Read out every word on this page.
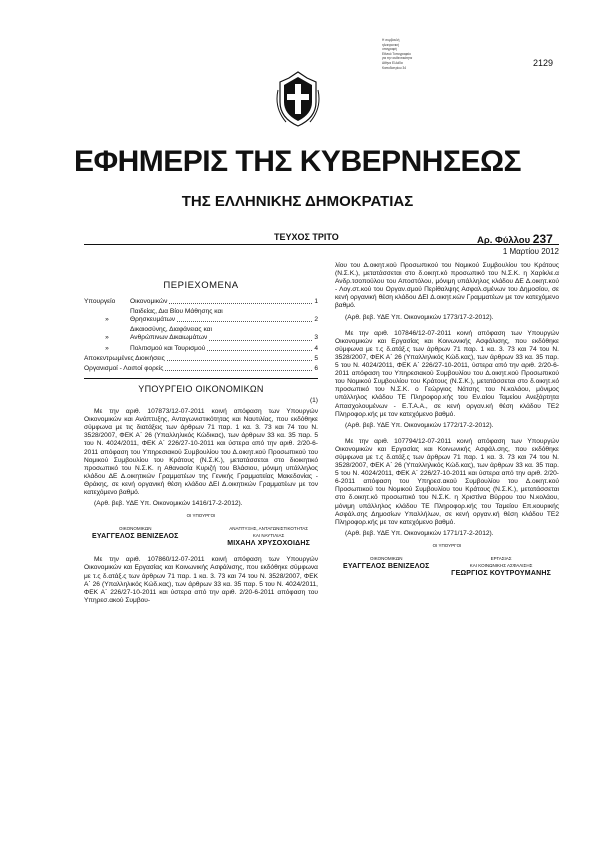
Η συμβουλή
ηλεκτρονική
υπογραφή
Εθνικό Τυπογραφείο
για την αυθεντικότητα
Αθήνα Ελλάδα
Καποδιστρίου 34	2129
ΕΦΗΜΕΡΙΣ ΤΗΣ ΚΥΒΕΡΝΗΣΕΩΣ
ΤΗΣ ΕΛΛΗΝΙΚΗΣ ΔΗΜΟΚΡΑΤΙΑΣ
ΤΕΥΧΟΣ ΤΡΙΤΟ	Αρ. Φύλλου 237
1 Μαρτίου 2012
ΠΕΡΙΕΧΟΜΕΝΑ
Υπουργείο	Οικονομικών	1
Παιδείας, Δια Βίου Μάθησης και
»	Θρησκευμάτων	2
Δικαιοσύνης, Διαφάνειας και
»	Ανθρώπινων Δικαιωμάτων	3
»	Πολιτισμού και Τουρισμού	4
Αποκεντρωμένες Διοικήσεις	5
Οργανισμοί - Λοιποί φορείς	6
ΥΠΟΥΡΓΕΙΟ ΟΙΚΟΝΟΜΙΚΩΝ

(1)

Με την αριθ. 107873/12-07-2011 κοινή απόφαση των Υπουργών Οικονομικών και Ανάπτυξης, Ανταγωνιστικότητας και Ναυτιλίας, που εκδόθηκε σύμφωνα με τις διατάξεις των άρθρων 71 παρ. 1 κα. 3. 73 και 74 του Ν. 3528/2007, ΦΕΚ Α΄ 26 (Υπαλληλικός Κώδικας), των άρθρων 33 κα. 35 παρ. 5 του Ν. 4024/2011, ΦΕΚ Α΄ 226/27-10-2011 και ύστερα από την αριθ. 2/20-6-2011 απόφαση του Υπηρεσιακού Συμβουλίου του Δ.οικητ.κού Προσωπικού του Νομικού Συμβουλίου του Κράτους (Ν.Σ.Κ.), μετατάσσεται στο διοικητικό προσωπικό του Ν.Σ.Κ. η Αθανασία Κυριζή του Βλάσιου, μόνιμη υπάλληλος κλάδου ΔΕ Δ.οικητικών Γραμματέων της Γενικής Γραμματείας Μακεδονίας - Θράκης, σε κενή οργανική θέση κλάδου ΔΕΙ Δ.οικητικών Γραμματέων με τον κατεχόμενο βαθμό.

(Αρθ. βεβ. ΥΔΕ Υπ. Οικονομικών 1416/17-2-2012).

ΟΙ ΥΠΟΥΡΓΟΙ
ΟΙΚΟΝΟΜΙΚΩΝ
ΕΥΑΓΓΕΛΟΣ ΒΕΝΙΖΕΛΟΣ
ΑΝΑΠΤΥΞΗΣ, ΑΝΤΑΓΩΝΙΣΤΙΚΟΤΗΤΑΣ
ΚΑΙ ΝΑΥΤΙΛΙΑΣ
ΜΙΧΑΗΛ ΧΡΥΣΟΧΟΙΔΗΣ

Με την αριθ. 107860/12-07-2011 κοινή απόφαση των Υπουργών Οικονομικών και Εργασίας και Κοινωνικής Ασφάλισης, που εκδόθηκε σύμφωνα με τ.ς δ.ατάξ.ς των άρθρων 71 παρ. 1 κα. 3. 73 και 74 του Ν. 3528/2007, ΦΕΚ Α΄ 26 (Υπαλληλικός Κώδ.κας), των άρθρων 33 κα. 35 παρ. 5 του Ν. 4024/2011, ΦΕΚ Α΄ 226/27-10-2011 και ύστερα από την αριθ. 2/20-6-2011 απόφαση του Υπηρεσ.ακού Συμβου-

λίου του Δ.οικητ.κού Προσωπικού του Νομικού Συμβουλίου του Κράτους (Ν.Σ.Κ.), μετατάσσεται στο δ.οικητ.κό προσωπικό του Ν.Σ.Κ. η Χαρίκλε.α Ανδρ.τσοπούλου του Αποστόλου, μόνιμη υπάλληλος κλάδου ΔΕ Δ.οικητ.κού - Λογ.στ.κού του Οργαν.σμού Περίθαλψης Ασφαλ.σμένων του Δημοσίου, σε κενή οργανική θέση κλάδου ΔΕΙ Δ.οικητ.κών Γραμματέων με τον κατεχόμενο βαθμό.

(Αρθ. βεβ. ΥΔΕ Υπ. Οικονομικών 1773/17-2-2012).

Με την αριθ. 107846/12-07-2011 κοινή απόφαση των Υπουργών Οικονομικών και Εργασίας και Κοινωνικής Ασφάλισης, που εκδόθηκε σύμφωνα με τ.ς δ.ατάξ.ς των άρθρων 71 παρ. 1 κα. 3. 73 και 74 του Ν. 3528/2007, ΦΕΚ Α΄ 26 (Υπαλληλικός Κώδ.κας), των άρθρων 33 κα. 35 παρ. 5 του Ν. 4024/2011, ΦΕΚ Α΄ 226/27-10-2011, ύστερα από την αριθ. 2/20-6-2011 απόφαση του Υπηρεσιακού Συμβουλίου του Δ.οικητ.κού Προσωπικού του Νομικού Συμβουλίου του Κράτους (Ν.Σ.Κ.), μετατάσσεται στο δ.οικητ.κό προσωπικό του Ν.Σ.Κ. ο Γεώργιος Νάτσης του Ν.κολάου, μόνιμος υπάλληλος κλάδου ΤΕ Πληροφορ.κής του Εν.αίου Ταμείου Ανεξάρτητα Απασχολουμένων - Ε.Τ.Α.Α., σε κενή οργαν.κή θέση κλάδου ΤΕ2 Πληροφορ.κής με τον κατεχόμενο βαθμό.

(Αρθ. βεβ. ΥΔΕ Υπ. Οικονομικών 1772/17-2-2012).

Με την αριθ. 107794/12-07-2011 κοινή απόφαση των Υπουργών Οικονομικών και Εργασίας και Κοινωνικής Ασφάλ.σης, που εκδόθηκε σύμφωνα με τ.ς δ.ατάξ.ς των άρθρων 71 παρ. 1 κα. 3. 73 και 74 του Ν. 3528/2007, ΦΕΚ Α΄ 26 (Υπαλληλικός Κώδ.κας), των άρθρων 33 κα. 35 παρ. 5 του Ν. 4024/2011, ΦΕΚ Α΄ 226/27-10-2011 και ύστερα από την αριθ. 2/20-6-2011 απόφαση του Υπηρεσ.ακού Συμβουλίου του Δ.οικητ.κού Προσωπικού του Νομικού Συμβουλίου του Κράτους (Ν.Σ.Κ.), μετατάσσεται στο δ.οικητ.κό προσωπικό του Ν.Σ.Κ. η Χριστίνα Βύρρου του Ν.κολάου, μόνιμη υπάλληλος κλάδου ΤΕ Πληροφορ.κής του Ταμείου Επ.κουρικής Ασφάλ.σης Δημοσίων Υπαλλήλων, σε κενή οργαν.κή θέση κλάδου ΤΕ2 Πληροφορ.κής με τον κατεχόμενο βαθμό.

(Αρθ. βεβ. ΥΔΕ Υπ. Οικονομικών 1771/17-2-2012).

ΟΙ ΥΠΟΥΡΓΟΙ
ΟΙΚΟΝΟΜΙΚΩΝ
ΕΥΑΓΓΕΛΟΣ ΒΕΝΙΖΕΛΟΣ
ΕΡΓΑΣΙΑΣ
ΚΑΙ ΚΟΙΝΩΝΙΚΗΣ ΑΣΦΑΛΙΣΗΣ
ΓΕΩΡΓΙΟΣ ΚΟΥΤΡΟΥΜΑΝΗΣ
